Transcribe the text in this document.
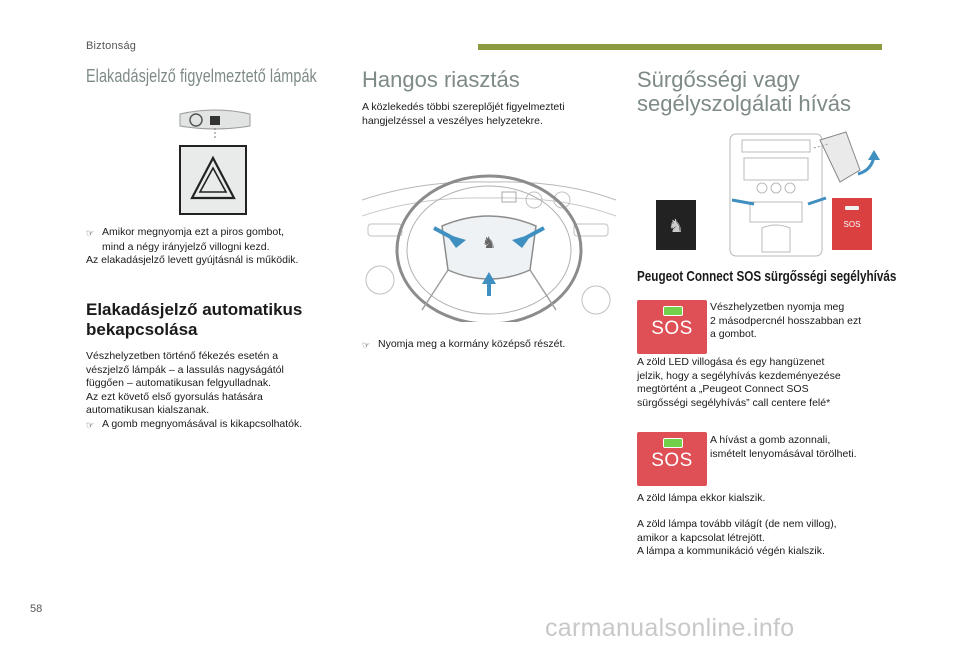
Biztonság
Elakadásjelző figyelmeztető lámpák
☞ Amikor megnyomja ezt a piros gombot,
mind a négy irányjelző villogni kezd.
Az elakadásjelző levett gyújtásnál is működik.
Elakadásjelző automatikus
bekapcsolása
Vészhelyzetben történő fékezés esetén a
vészjelző lámpák – a lassulás nagyságától
függően – automatikusan felgyulladnak.
Az ezt követő első gyorsulás hatására
automatikusan kialszanak.
☞ A gomb megnyomásával is kikapcsolhatók.
Hangos riasztás
A közlekedés többi szereplőjét figyelmezteti
hangjelzéssel a veszélyes helyzetekre.
♞
☞ Nyomja meg a kormány középső részét.
Sürgősségi vagy
segélyszolgálati hívás
♞	SOS
Peugeot Connect SOS sürgősségi segélyhívás
SOS
Vészhelyzetben nyomja meg
2 másodpercnél hosszabban ezt
a gombot.
A zöld LED villogása és egy hangüzenet
jelzik, hogy a segélyhívás kezdeményezése
megtörtént a „Peugeot Connect SOS
sürgősségi segélyhívás” call centere felé*
SOS
A hívást a gomb azonnali,
ismételt lenyomásával törölheti.
A zöld lámpa ekkor kialszik.
A zöld lámpa tovább világít (de nem villog),
amikor a kapcsolat létrejött.
A lámpa a kommunikáció végén kialszik.
58
carmanualsonline.info
